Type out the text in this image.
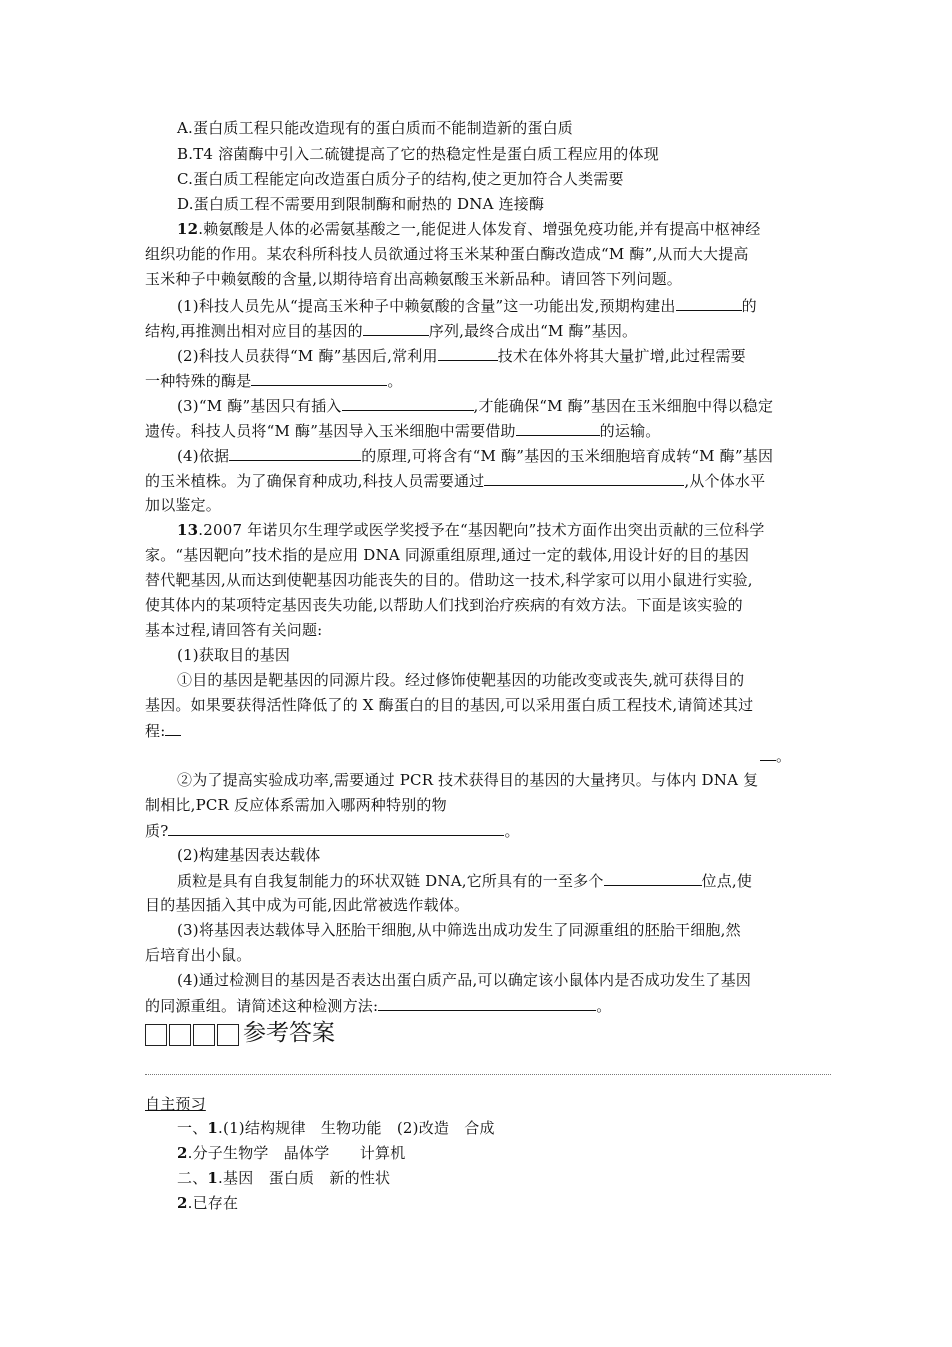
A.蛋白质工程只能改造现有的蛋白质而不能制造新的蛋白质
B.T4 溶菌酶中引入二硫键提高了它的热稳定性是蛋白质工程应用的体现
C.蛋白质工程能定向改造蛋白质分子的结构,使之更加符合人类需要
D.蛋白质工程不需要用到限制酶和耐热的 DNA 连接酶
12.赖氨酸是人体的必需氨基酸之一,能促进人体发育、增强免疫功能,并有提高中枢神经
组织功能的作用。某农科所科技人员欲通过将玉米某种蛋白酶改造成“M 酶”,从而大大提高
玉米种子中赖氨酸的含量,以期待培育出高赖氨酸玉米新品种。请回答下列问题。
(1)科技人员先从“提高玉米种子中赖氨酸的含量”这一功能出发,预期构建出	的
结构,再推测出相对应目的基因的	序列,最终合成出“M 酶”基因。
(2)科技人员获得“M 酶”基因后,常利用	技术在体外将其大量扩增,此过程需要
一种特殊的酶是	。
(3)“M 酶”基因只有插入	,才能确保“M 酶”基因在玉米细胞中得以稳定
遗传。科技人员将“M 酶”基因导入玉米细胞中需要借助	的运输。
(4)依据	的原理,可将含有“M 酶”基因的玉米细胞培育成转“M 酶”基因
的玉米植株。为了确保育种成功,科技人员需要通过	,从个体水平
加以鉴定。
13.2007 年诺贝尔生理学或医学奖授予在“基因靶向”技术方面作出突出贡献的三位科学
家。“基因靶向”技术指的是应用 DNA 同源重组原理,通过一定的载体,用设计好的目的基因
替代靶基因,从而达到使靶基因功能丧失的目的。借助这一技术,科学家可以用小鼠进行实验,
使其体内的某项特定基因丧失功能,以帮助人们找到治疗疾病的有效方法。下面是该实验的
基本过程,请回答有关问题:
(1)获取目的基因
①目的基因是靶基因的同源片段。经过修饰使靶基因的功能改变或丧失,就可获得目的
基因。如果要获得活性降低了的 X 酶蛋白的目的基因,可以采用蛋白质工程技术,请简述其过
程:
。
②为了提高实验成功率,需要通过 PCR 技术获得目的基因的大量拷贝。与体内 DNA 复
制相比,PCR 反应体系需加入哪两种特别的物
质?	。
(2)构建基因表达载体
质粒是具有自我复制能力的环状双链 DNA,它所具有的一至多个	位点,使
目的基因插入其中成为可能,因此常被选作载体。
(3)将基因表达载体导入胚胎干细胞,从中筛选出成功发生了同源重组的胚胎干细胞,然
后培育出小鼠。
(4)通过检测目的基因是否表达出蛋白质产品,可以确定该小鼠体内是否成功发生了基因
的同源重组。请简述这种检测方法:	。
参考答案
自主预习
一、1.(1)结构规律　生物功能　(2)改造　合成
2.分子生物学　晶体学　　计算机
二、1.基因　蛋白质　新的性状
2.已存在
